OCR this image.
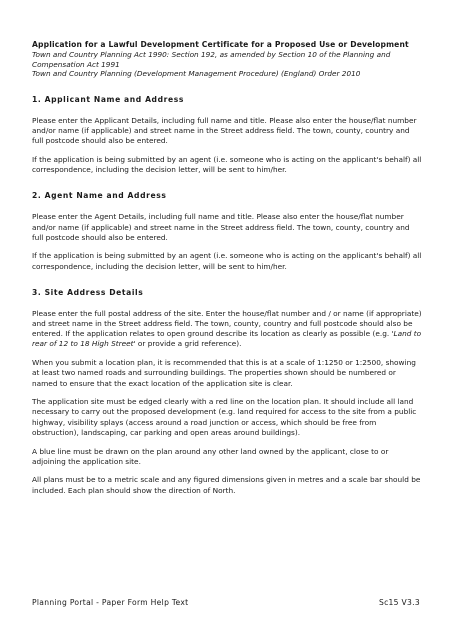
Application for a Lawful Development Certificate for a Proposed Use or Development

Town and Country Planning Act 1990: Section 192, as amended by Section 10 of the Planning and Compensation Act 1991

Town and Country Planning (Development Management Procedure) (England) Order 2010

1. Applicant Name and Address

Please enter the Applicant Details, including full name and title. Please also enter the house/flat number and/or name (if applicable) and street name in the Street address field. The town, county, country and full postcode should also be entered.

If the application is being submitted by an agent (i.e. someone who is acting on the applicant's behalf) all correspondence, including the decision letter, will be sent to him/her.

2. Agent Name and Address

Please enter the Agent Details, including full name and title. Please also enter the house/flat number and/or name (if applicable) and street name in the Street address field. The town, county, country and full postcode should also be entered.

If the application is being submitted by an agent (i.e. someone who is acting on the applicant's behalf) all correspondence, including the decision letter, will be sent to him/her.

3. Site Address Details

Please enter the full postal address of the site. Enter the house/flat number and / or name (if appropriate) and street name in the Street address field. The town, county, country and full postcode should also be entered. If the application relates to open ground describe its location as clearly as possible (e.g. 'Land to rear of 12 to 18 High Street' or provide a grid reference).

When you submit a location plan, it is recommended that this is at a scale of 1:1250 or 1:2500, showing at least two named roads and surrounding buildings. The properties shown should be numbered or named to ensure that the exact location of the application site is clear.

The application site must be edged clearly with a red line on the location plan. It should include all land necessary to carry out the proposed development (e.g. land required for access to the site from a public highway, visibility splays (access around a road junction or access, which should be free from obstruction), landscaping, car parking and open areas around buildings).

A blue line must be drawn on the plan around any other land owned by the applicant, close to or adjoining the application site.

All plans must be to a metric scale and any figured dimensions given in metres and a scale bar should be included. Each plan should show the direction of North.

Planning Portal - Paper Form Help Text	Sc15 V3.3
